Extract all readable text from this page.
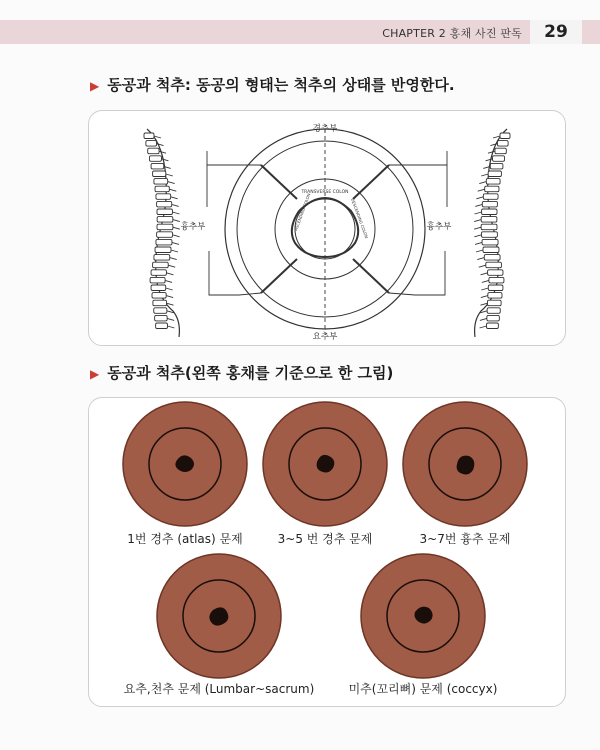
CHAPTER 2 홍채 사진 판독	29
▶ 동공과 척추: 동공의 형태는 척추의 상태를 반영한다.
경추부
흉추부	흉추부
요추부
TRANSVERSE COLON
ASCENDING COLON	DESCENDING COLON
▶ 동공과 척추(왼쪽 홍채를 기준으로 한 그림)
1번 경추 (atlas) 문제	3~5 번 경추 문제	3~7번 흉추 문제
요추,천추 문제 (Lumbar~sacrum)	미추(꼬리뼈) 문제 (coccyx)
